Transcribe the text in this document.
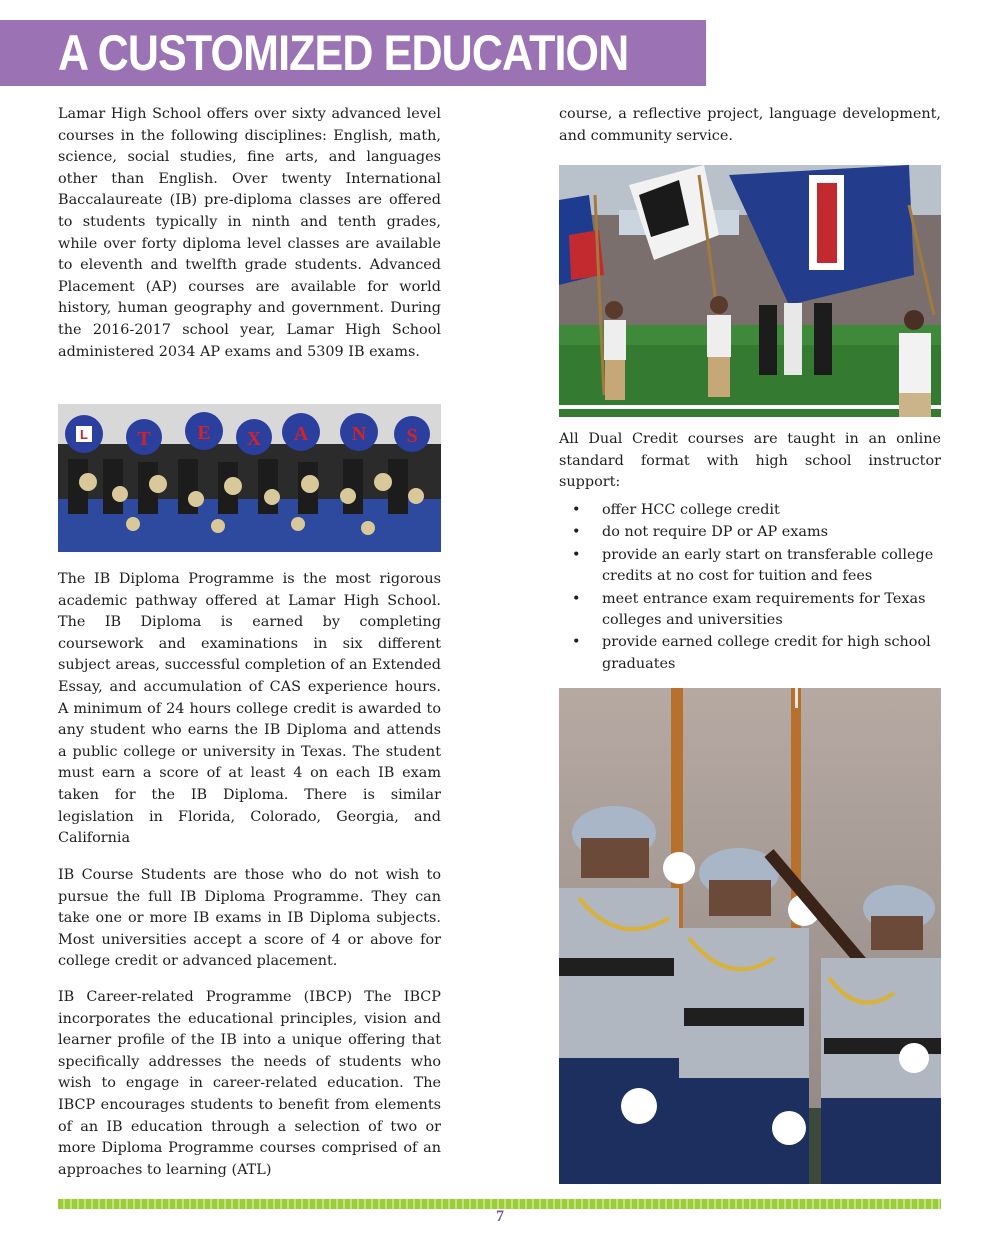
A CUSTOMIZED EDUCATION

Lamar High School offers over sixty advanced level courses in the following disciplines: English, math, science, social studies, fine arts, and languages other than English. Over twenty International Baccalaureate (IB) pre-diploma classes are offered to students typically in ninth and tenth grades, while over forty diploma level classes are available to eleventh and twelfth grade students. Advanced Placement (AP) courses are available for world history, human geography and government. During the 2016-2017 school year, Lamar High School administered 2034 AP exams and 5309 IB exams.

L T E X A N S

The IB Diploma Programme is the most rigorous academic pathway offered at Lamar High School. The IB Diploma is earned by completing coursework and examinations in six different subject areas, successful completion of an Extended Essay, and accumulation of CAS experience hours. A minimum of 24 hours college credit is awarded to any student who earns the IB Diploma and attends a public college or university in Texas. The student must earn a score of at least 4 on each IB exam taken for the IB Diploma. There is similar legislation in Florida, Colorado, Georgia, and California

IB Course Students are those who do not wish to pursue the full IB Diploma Programme. They can take one or more IB exams in IB Diploma subjects. Most universities accept a score of 4 or above for college credit or advanced placement.

IB Career-related Programme (IBCP) The IBCP incorporates the educational principles, vision and learner profile of the IB into a unique offering that specifically addresses the needs of students who wish to engage in career-related education. The IBCP encourages students to benefit from elements of an IB education through a selection of two or more Diploma Programme courses comprised of an approaches to learning (ATL)

course, a reflective project, language development, and community service.

All Dual Credit courses are taught in an online standard format with high school instructor support:

• offer HCC college credit
• do not require DP or AP exams
• provide an early start on transferable college credits at no cost for tuition and fees
• meet entrance exam requirements for Texas colleges and universities
• provide earned college credit for high school graduates
7
